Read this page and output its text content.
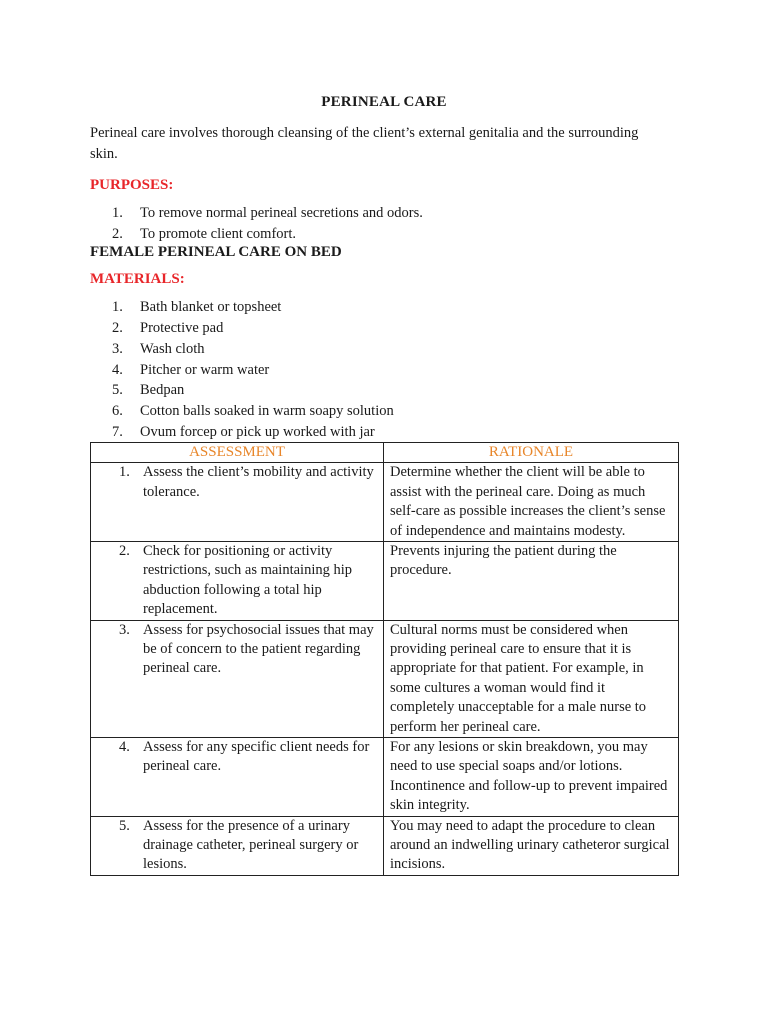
PERINEAL CARE
Perineal care involves thorough cleansing of the client’s external genitalia and the surrounding skin.
PURPOSES:
1.	To remove normal perineal secretions and odors.
2.	To promote client comfort.
FEMALE PERINEAL CARE ON BED
MATERIALS:
1.	Bath blanket or topsheet
2.	Protective pad
3.	Wash cloth
4.	Pitcher or warm water
5.	Bedpan
6.	Cotton balls soaked in warm soapy solution
7.	Ovum forcep or pick up worked with jar
ASSESSMENT	RATIONALE

1. Assess the client’s mobility and activity tolerance.	Determine whether the client will be able to assist with the perineal care. Doing as much self-care as possible increases the client’s sense of independence and maintains modesty.

2. Check for positioning or activity restrictions, such as maintaining hip abduction following a total hip replacement.	Prevents injuring the patient during the procedure.

3. Assess for psychosocial issues that may be of concern to the patient regarding perineal care.	Cultural norms must be considered when providing perineal care to ensure that it is appropriate for that patient. For example, in some cultures a woman would find it completely unacceptable for a male nurse to perform her perineal care.

4. Assess for any specific client needs for perineal care.	For any lesions or skin breakdown, you may need to use special soaps and/or lotions. Incontinence and follow-up to prevent impaired skin integrity.

5. Assess for the presence of a urinary drainage catheter, perineal surgery or lesions.	You may need to adapt the procedure to clean around an indwelling urinary catheteror surgical incisions.
